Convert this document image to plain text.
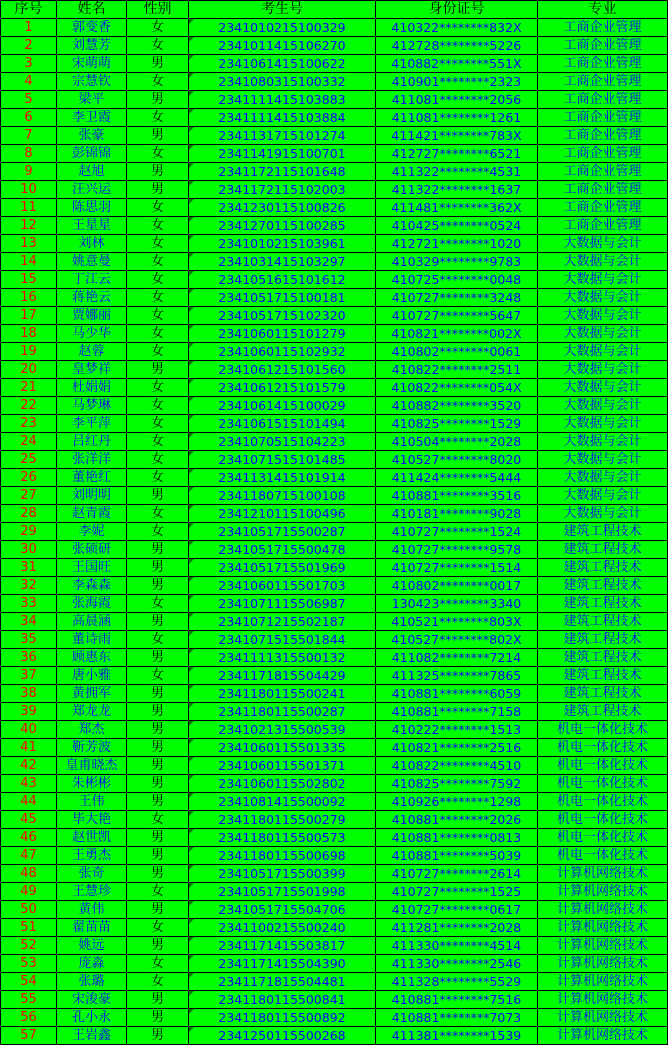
序号	姓名	性别	考生号	身份证号	专业
1	郭变香	女	2341010215100329	410322********832X	工商企业管理
2	刘慧芳	女	2341011415106270	412728********5226	工商企业管理
3	宋萌萌	男	2341061415100622	410882********551X	工商企业管理
4	宗慧钦	女	2341080315100332	410901********2323	工商企业管理
5	梁平	男	2341111415103883	411081********2056	工商企业管理
6	李卫霞	女	2341111415103884	411081********1261	工商企业管理
7	张豪	男	2341131715101274	411421********783X	工商企业管理
8	彭锦锦	女	2341141915100701	412727********6521	工商企业管理
9	赵旭	男	2341172115101648	411322********4531	工商企业管理
10	汪兴运	男	2341172115102003	411322********1637	工商企业管理
11	陈思羽	女	2341230115100826	411481********362X	工商企业管理
12	王星星	女	2341270115100285	410425********0524	工商企业管理
13	刘林	女	2341010215103961	412721********1020	大数据与会计
14	姚意曼	女	2341031415103297	410329********9783	大数据与会计
15	丁江云	女	2341051615101612	410725********0048	大数据与会计
16	蒋艳云	女	2341051715100181	410727********3248	大数据与会计
17	贾娜丽	女	2341051715102320	410727********5647	大数据与会计
18	马少华	女	2341060115101279	410821********002X	大数据与会计
19	赵蓉	女	2341060115102932	410802********0061	大数据与会计
20	皇梦祥	男	2341061215101560	410822********2511	大数据与会计
21	杜娟娟	女	2341061215101579	410822********054X	大数据与会计
22	马梦琳	女	2341061415100029	410882********3520	大数据与会计
23	李平萍	女	2341061515101494	410825********1529	大数据与会计
24	吕红丹	女	2341070515104223	410504********2028	大数据与会计
25	张洋洋	女	2341071515101485	410527********8020	大数据与会计
26	董艳红	女	2341131415101914	411424********5444	大数据与会计
27	刘明明	男	2341180715100108	410881********3516	大数据与会计
28	赵青霞	女	2341210115100496	410181********9028	大数据与会计
29	李妮	女	2341051715500287	410727********1524	建筑工程技术
30	张硕研	男	2341051715500478	410727********9578	建筑工程技术
31	王国旺	男	2341051715501969	410727********1514	建筑工程技术
32	李森森	男	2341060115501703	410802********0017	建筑工程技术
33	张海霞	女	2341071115506987	130423********3340	建筑工程技术
34	高晨涵	男	2341071215502187	410521********803X	建筑工程技术
35	董诗雨	女	2341071515501844	410527********802X	建筑工程技术
36	顾惠东	男	2341111315500132	411082********7214	建筑工程技术
37	唐小雅	女	2341171815504429	411325********7865	建筑工程技术
38	黄拥军	男	2341180115500241	410881********6059	建筑工程技术
39	郑龙龙	男	2341180115500287	410881********7158	建筑工程技术
40	郑杰	男	2341021315500539	410222********1513	机电一体化技术
41	靳芳波	男	2341060115501335	410821********2516	机电一体化技术
42	皇甫晓杰	男	2341060115501371	410822********4510	机电一体化技术
43	朱彬彬	男	2341060115502802	410825********7592	机电一体化技术
44	王伟	男	2341081415500092	410926********1298	机电一体化技术
45	毕大艳	女	2341180115500279	410881********2026	机电一体化技术
46	赵世凯	男	2341180115500573	410881********0813	机电一体化技术
47	王勇杰	男	2341180115500698	410881********5039	机电一体化技术
48	张奇	男	2341051715500399	410727********2614	计算机网络技术
49	王慧珍	女	2341051715501998	410727********1525	计算机网络技术
50	黄伟	男	2341051715504706	410727********0617	计算机网络技术
51	翟苗苗	女	2341100215500240	411281********2028	计算机网络技术
52	姚远	男	2341171415503817	411330********4514	计算机网络技术
53	庞淼	女	2341171415504390	411330********2546	计算机网络技术
54	张璐	女	2341171815504481	411328********5529	计算机网络技术
55	宋浚豪	男	2341180115500841	410881********7516	计算机网络技术
56	孔小永	男	2341180115500892	410881********7073	计算机网络技术
57	王岩鑫	男	2341250115500268	411381********1539	计算机网络技术
